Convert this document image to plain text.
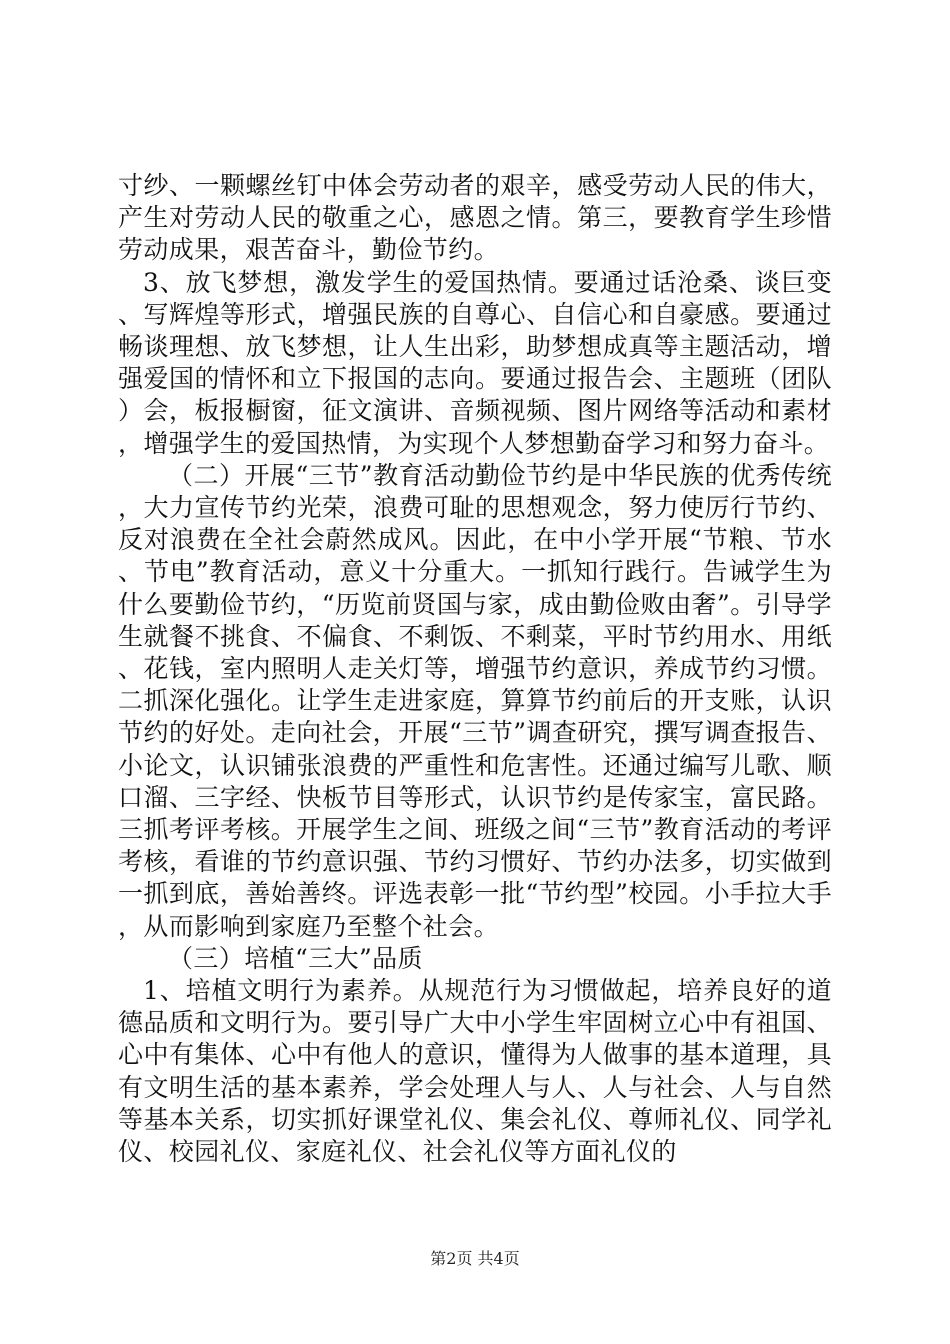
寸纱、一颗螺丝钉中体会劳动者的艰辛，感受劳动人民的伟大，产生对劳动人民的敬重之心，感恩之情。第三，要教育学生珍惜劳动成果，艰苦奋斗，勤俭节约。

3、放飞梦想，激发学生的爱国热情。要通过话沧桑、谈巨变、写辉煌等形式，增强民族的自尊心、自信心和自豪感。要通过畅谈理想、放飞梦想，让人生出彩，助梦想成真等主题活动，增强爱国的情怀和立下报国的志向。要通过报告会、主题班（团队）会，板报橱窗，征文演讲、音频视频、图片网络等活动和素材，增强学生的爱国热情，为实现个人梦想勤奋学习和努力奋斗。

（二）开展“三节”教育活动勤俭节约是中华民族的优秀传统，大力宣传节约光荣，浪费可耻的思想观念，努力使厉行节约、反对浪费在全社会蔚然成风。因此，在中小学开展“节粮、节水、节电”教育活动，意义十分重大。一抓知行践行。告诫学生为什么要勤俭节约，“历览前贤国与家，成由勤俭败由奢”。引导学生就餐不挑食、不偏食、不剩饭、不剩菜，平时节约用水、用纸、花钱，室内照明人走关灯等，增强节约意识，养成节约习惯。二抓深化强化。让学生走进家庭，算算节约前后的开支账，认识节约的好处。走向社会，开展“三节”调查研究，撰写调查报告、小论文，认识铺张浪费的严重性和危害性。还通过编写儿歌、顺口溜、三字经、快板节目等形式，认识节约是传家宝，富民路。三抓考评考核。开展学生之间、班级之间“三节”教育活动的考评考核，看谁的节约意识强、节约习惯好、节约办法多，切实做到一抓到底，善始善终。评选表彰一批“节约型”校园。小手拉大手，从而影响到家庭乃至整个社会。

（三）培植“三大”品质

1、培植文明行为素养。从规范行为习惯做起，培养良好的道德品质和文明行为。要引导广大中小学生牢固树立心中有祖国、心中有集体、心中有他人的意识，懂得为人做事的基本道理，具有文明生活的基本素养，学会处理人与人、人与社会、人与自然等基本关系，切实抓好课堂礼仪、集会礼仪、尊师礼仪、同学礼仪、校园礼仪、家庭礼仪、社会礼仪等方面礼仪的

第2页 共4页
